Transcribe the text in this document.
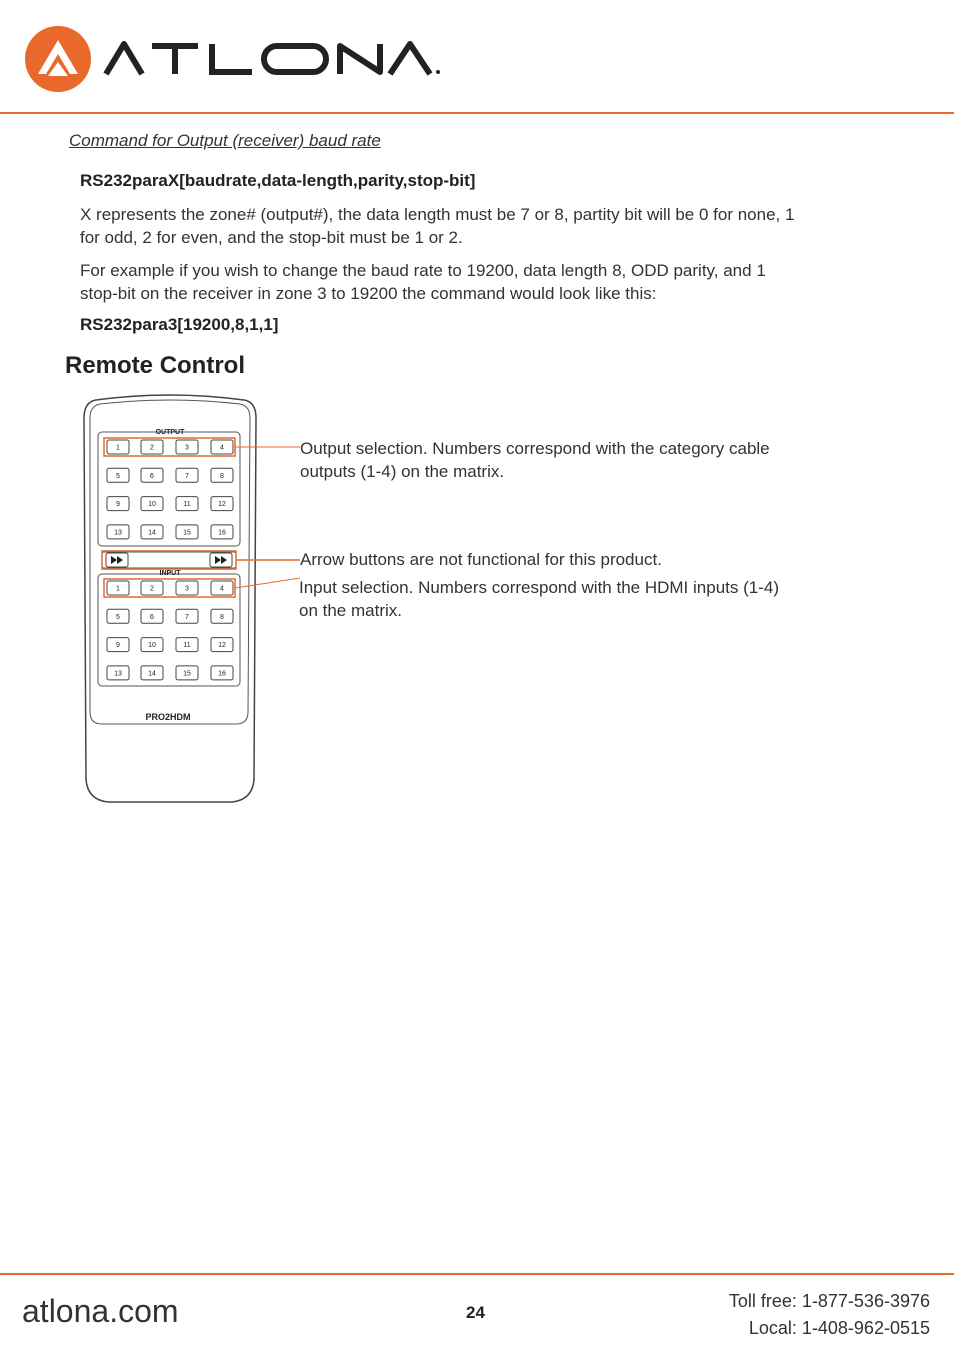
Command for Output (receiver) baud rate
RS232paraX[baudrate,data-length,parity,stop-bit]
X represents the zone# (output#), the data length must be 7 or 8, partity bit will be 0 for none, 1
for odd, 2 for even, and the stop-bit must be 1 or 2.
For example if you wish to change the baud rate to 19200, data length 8, ODD parity, and 1
stop-bit on the receiver in zone 3 to 19200 the command would look like this:
RS232para3[19200,8,1,1]
Remote Control
OUTPUT
INPUT
PRO2HDM
1	2	3	4
5	6	7	8
9	10	11	12
13	14	15	16
1	2	3	4
5	6	7	8
9	10	11	12
13	14	15	16
Output selection. Numbers correspond with the category cable
outputs (1-4) on the matrix.
Arrow buttons are not functional for this product.
Input selection. Numbers correspond with the HDMI inputs (1-4)
on the matrix.
atlona.com	24
Toll free: 1-877-536-3976
Local: 1-408-962-0515
